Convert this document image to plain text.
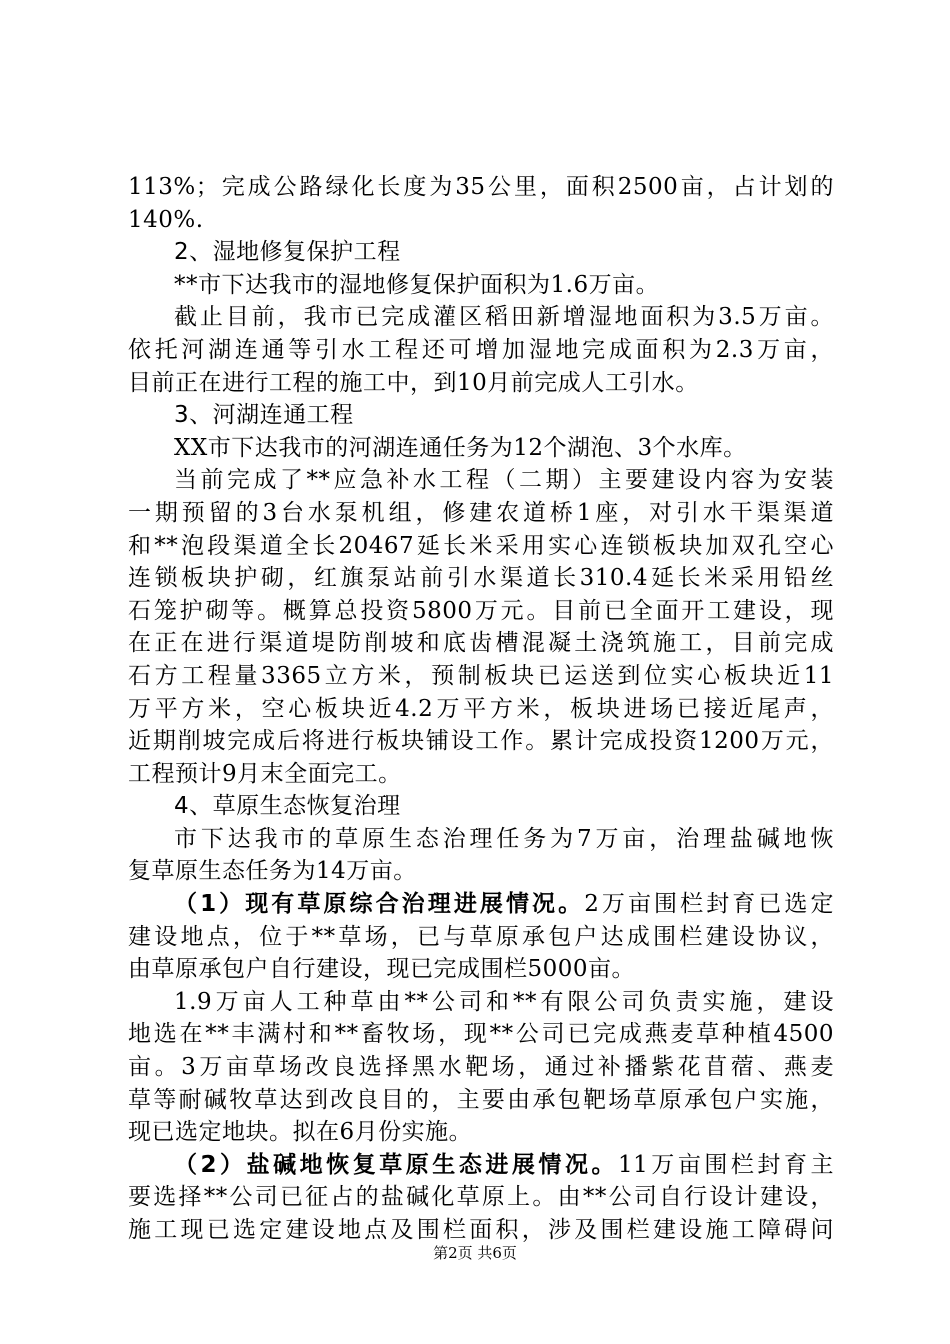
113%；完成公路绿化长度为35公里，面积2500亩，占计划的
140%.
2、湿地修复保护工程
**市下达我市的湿地修复保护面积为1.6万亩。
截止目前，我市已完成灌区稻田新增湿地面积为3.5万亩。
依托河湖连通等引水工程还可增加湿地完成面积为2.3万亩，
目前正在进行工程的施工中，到10月前完成人工引水。
3、河湖连通工程
XX市下达我市的河湖连通任务为12个湖泡、3个水库。
当前完成了**应急补水工程（二期）主要建设内容为安装
一期预留的3台水泵机组，修建农道桥1座，对引水干渠渠道
和**泡段渠道全长20467延长米采用实心连锁板块加双孔空心
连锁板块护砌，红旗泵站前引水渠道长310.4延长米采用铅丝
石笼护砌等。概算总投资5800万元。目前已全面开工建设，现
在正在进行渠道堤防削坡和底齿槽混凝土浇筑施工，目前完成
石方工程量3365立方米，预制板块已运送到位实心板块近11
万平方米，空心板块近4.2万平方米，板块进场已接近尾声，
近期削坡完成后将进行板块铺设工作。累计完成投资1200万元，
工程预计9月末全面完工。
4、草原生态恢复治理
市下达我市的草原生态治理任务为7万亩，治理盐碱地恢
复草原生态任务为14万亩。
（1）现有草原综合治理进展情况。2万亩围栏封育已选定
建设地点，位于**草场，已与草原承包户达成围栏建设协议，
由草原承包户自行建设，现已完成围栏5000亩。
1.9万亩人工种草由**公司和**有限公司负责实施，建设
地选在**丰满村和**畜牧场，现**公司已完成燕麦草种植4500
亩。3万亩草场改良选择黑水靶场，通过补播紫花苜蓿、燕麦
草等耐碱牧草达到改良目的，主要由承包靶场草原承包户实施，
现已选定地块。拟在6月份实施。
（2）盐碱地恢复草原生态进展情况。11万亩围栏封育主
要选择**公司已征占的盐碱化草原上。由**公司自行设计建设，
施工现已选定建设地点及围栏面积，涉及围栏建设施工障碍问
第2页 共6页
